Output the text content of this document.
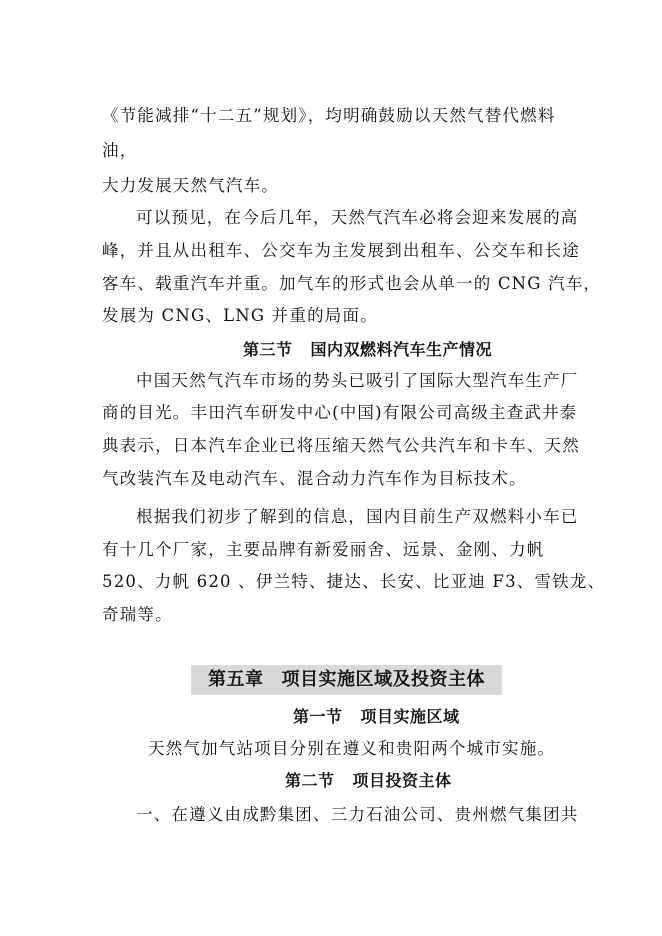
《节能减排“十二五”规划》，均明确鼓励以天然气替代燃料
油，
大力发展天然气汽车。
可以预见，在今后几年，天然气汽车必将会迎来发展的高
峰，并且从出租车、公交车为主发展到出租车、公交车和长途
客车、载重汽车并重。加气车的形式也会从单一的 CNG 汽车，
发展为 CNG、LNG 并重的局面。
第三节 国内双燃料汽车生产情况
中国天然气汽车市场的势头已吸引了国际大型汽车生产厂
商的目光。丰田汽车研发中心(中国)有限公司高级主查武井泰
典表示，日本汽车企业已将压缩天然气公共汽车和卡车、天然
气改装汽车及电动汽车、混合动力汽车作为目标技术。
根据我们初步了解到的信息，国内目前生产双燃料小车已
有十几个厂家，主要品牌有新爱丽舍、远景、金刚、力帆
520、力帆 620 、伊兰特、捷达、长安、比亚迪 F3、雪铁龙、
奇瑞等。
第五章 项目实施区域及投资主体
第一节 项目实施区域
天然气加气站项目分别在遵义和贵阳两个城市实施。
第二节 项目投资主体
一、在遵义由成黔集团、三力石油公司、贵州燃气集团共
